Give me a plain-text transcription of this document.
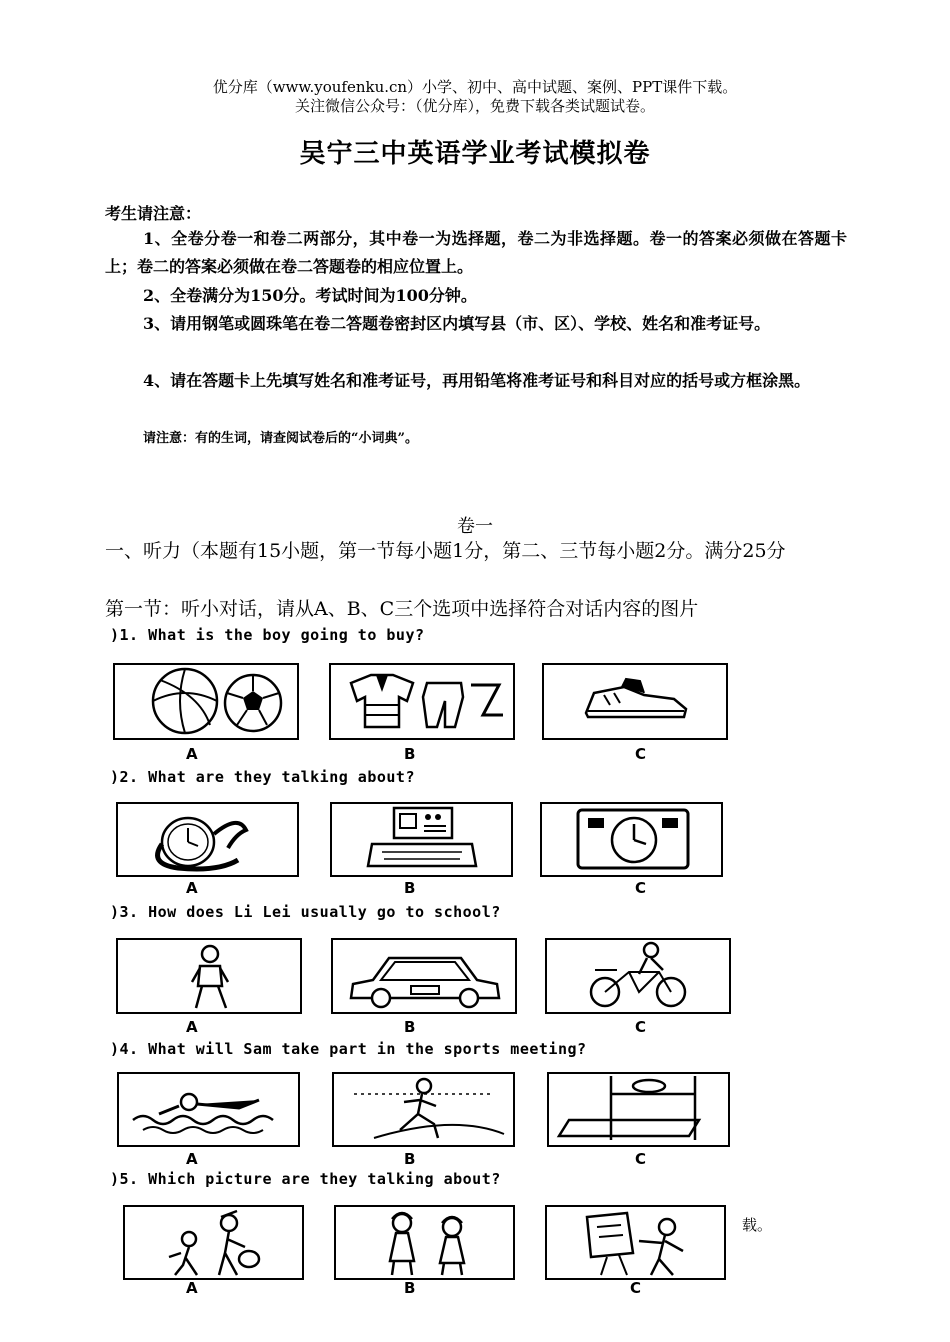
优分库（www.youfenku.cn）小学、初中、高中试题、案例、PPT课件下载。
关注微信公众号：（优分库），免费下载各类试题试卷。
吴宁三中英语学业考试模拟卷
考生请注意：
1、全卷分卷一和卷二两部分，其中卷一为选择题，卷二为非选择题。卷一的答案必须做在答题卡上；卷二的答案必须做在卷二答题卷的相应位置上。
2、全卷满分为150分。考试时间为100分钟。
3、请用钢笔或圆珠笔在卷二答题卷密封区内填写县（市、区）、学校、姓名和准考证号。
4、请在答题卡上先填写姓名和准考证号，再用铅笔将准考证号和科目对应的括号或方框涂黑。
请注意：有的生词，请查阅试卷后的“小词典”。
卷一
一、听力（本题有15小题，第一节每小题1分，第二、三节每小题2分。满分25分
第一节：听小对话，请从A、B、C三个选项中选择符合对话内容的图片
)1. What is the boy going to buy?
A	B	C
)2. What are they talking about?
A	B	C
)3. How does Li Lei usually go to school?
A	B	C
)4. What will Sam take part in the sports meeting?
A	B	C
)5. Which picture are they talking about?
A	B	C
载。
